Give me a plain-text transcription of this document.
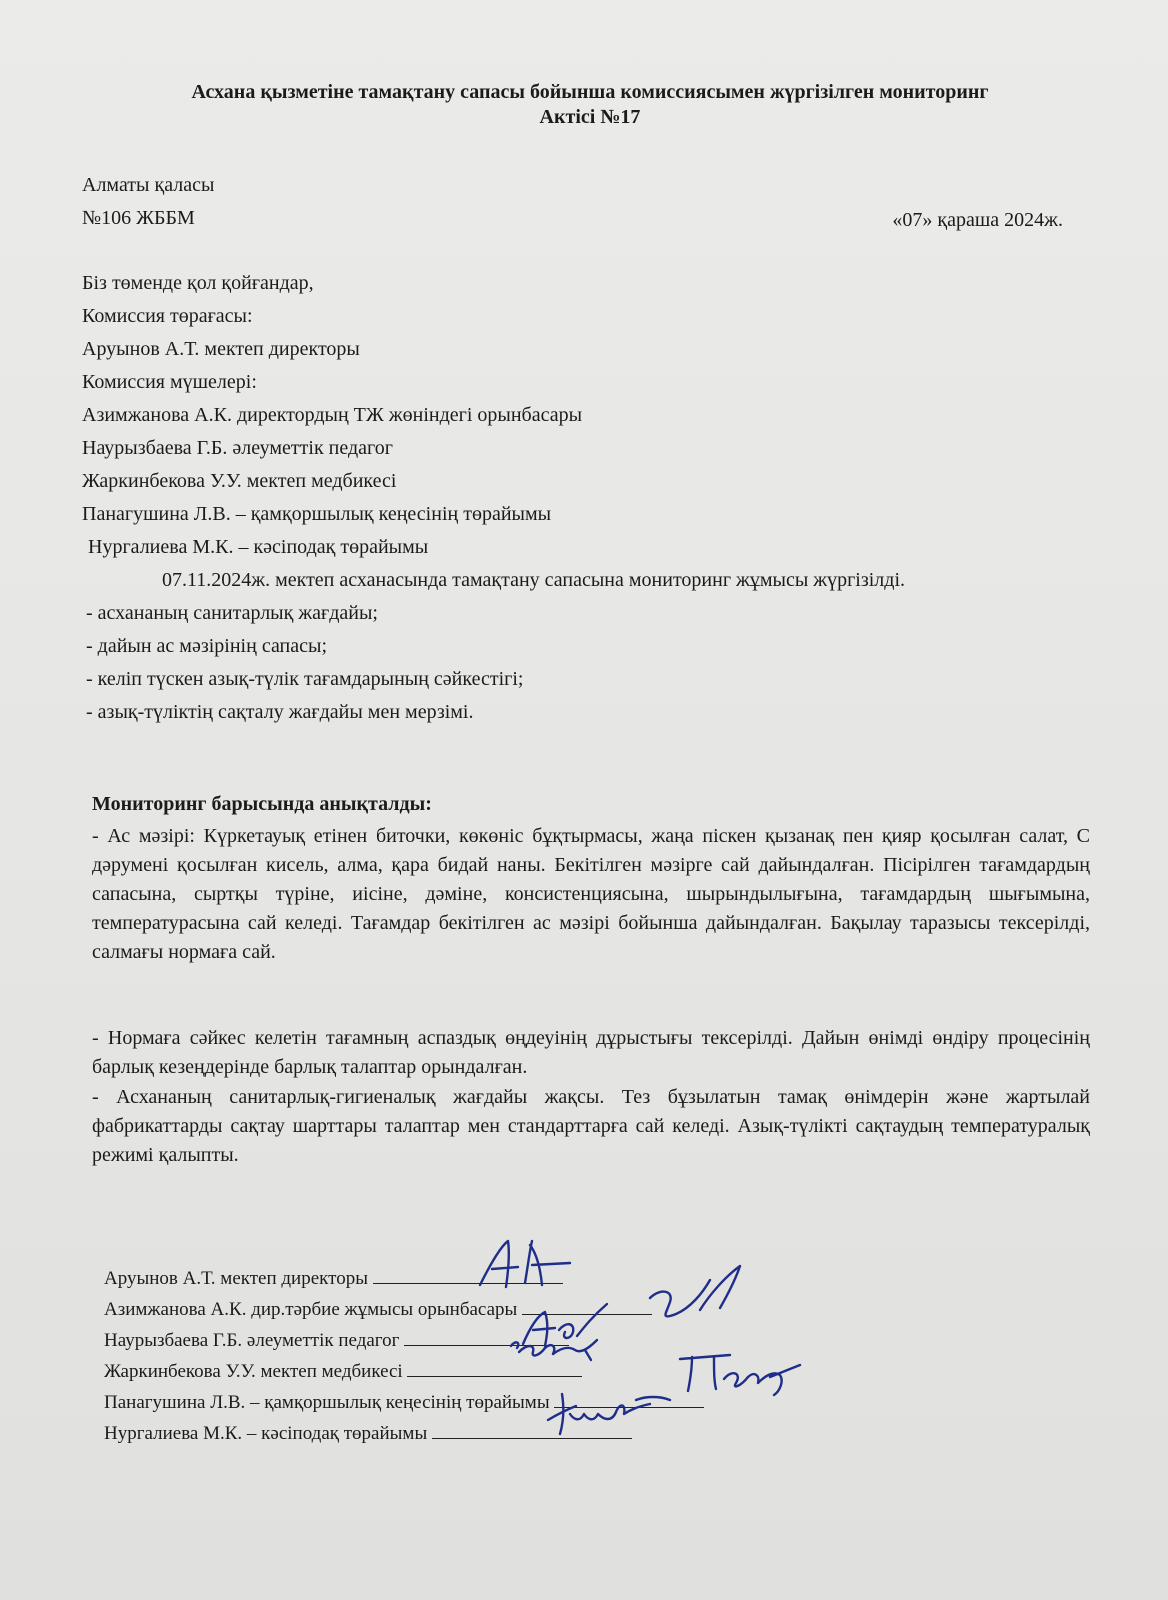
Асхана қызметіне тамақтану сапасы бойынша комиссиясымен жүргізілген мониторинг
Актісі №17
Алматы қаласы
№106 ЖББМ	«07» қараша 2024ж.
Біз төменде қол қойғандар,
Комиссия төрағасы:
Аруынов А.Т. мектеп директоры
Комиссия мүшелері:
Азимжанова А.К. директордың ТЖ жөніндегі орынбасары
Наурызбаева Г.Б. әлеуметтік педагог
Жаркинбекова У.У. мектеп медбикесі
Панагушина Л.В. – қамқоршылық кеңесінің төрайымы
Нургалиева М.К. – кәсіподақ төрайымы
07.11.2024ж. мектеп асханасында тамақтану сапасына мониторинг жұмысы жүргізілді.
- асхананың санитарлық жағдайы;
- дайын ас мәзірінің сапасы;
- келіп түскен азық-түлік тағамдарының сәйкестігі;
- азық-түліктің сақталу жағдайы мен мерзімі.
Мониторинг барысында анықталды:
- Ас мәзірі: Күркетауық етінен биточки, көкөніс бұқтырмасы, жаңа піскен қызанақ пен қияр қосылған салат, С дәрумені қосылған кисель, алма, қара бидай наны. Бекітілген мәзірге сай дайындалған. Пісірілген тағамдардың сапасына, сыртқы түріне, иісіне, дәміне, консистенциясына, шырындылығына, тағамдардың шығымына, температурасына сай келеді. Тағамдар бекітілген ас мәзірі бойынша дайындалған. Бақылау таразысы тексерілді, салмағы нормаға сай.
- Нормаға сәйкес келетін тағамның аспаздық өңдеуінің дұрыстығы тексерілді. Дайын өнімді өндіру процесінің барлық кезеңдерінде барлық талаптар орындалған.
- Асхананың санитарлық-гигиеналық жағдайы жақсы. Тез бұзылатын тамақ өнімдерін және жартылай фабрикаттарды сақтау шарттары талаптар мен стандарттарға сай келеді. Азық-түлікті сақтаудың температуралық режимі қалыпты.
Аруынов А.Т. мектеп директоры
Азимжанова А.К. дир.тәрбие жұмысы орынбасары
Наурызбаева Г.Б. әлеуметтік педагог
Жаркинбекова У.У. мектеп медбикесі
Панагушина Л.В. – қамқоршылық кеңесінің төрайымы
Нургалиева М.К. – кәсіподақ төрайымы
